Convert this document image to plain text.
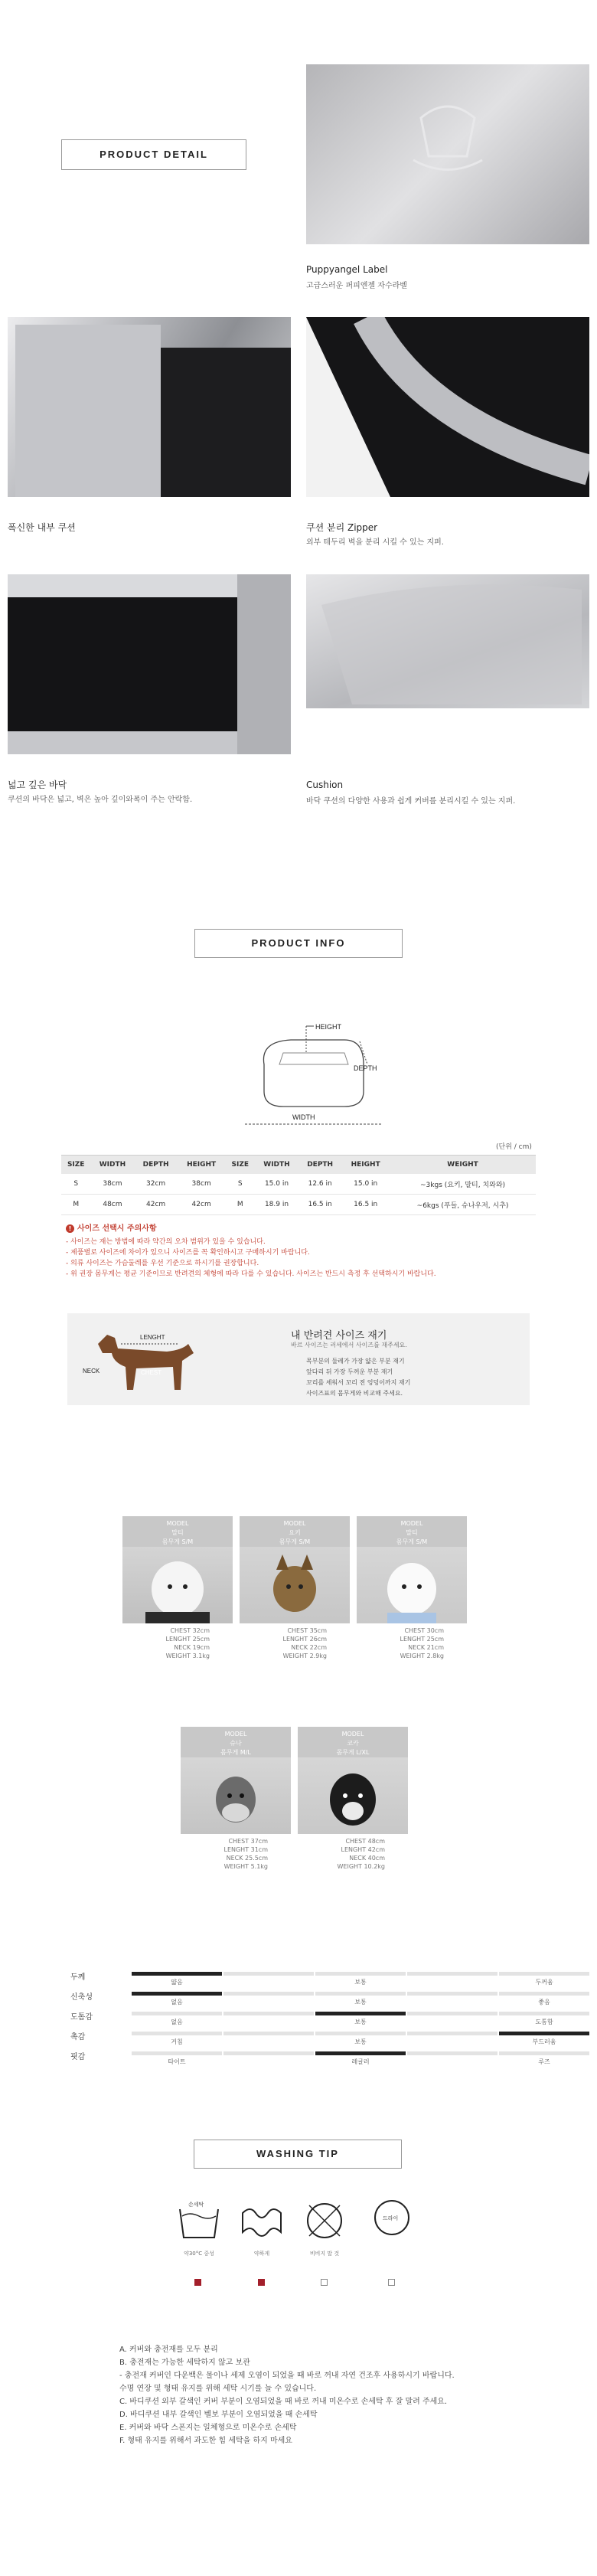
PRODUCT DETAIL
Puppyangel Label
고급스러운 퍼피엔젤 자수라벨
폭신한 내부 쿠션	쿠션 분리 Zipper
외부 테두리 벽을 분리 시킬 수 있는 지퍼.
넓고 깊은 바닥
쿠션의 바닥은 넓고, 벽은 높아 깊이와폭이 주는 안락함.
Cushion
바닥 쿠션의 다양한 사용과 쉽게 커버를 분리시킬 수 있는 지퍼.
PRODUCT INFO
HEIGHT
DEPTH
WIDTH
(단위 / cm)
SIZE	WIDTH	DEPTH	HEIGHT	SIZE	WIDTH	DEPTH	HEIGHT	WEIGHT
S	38cm	32cm	38cm	S	15.0 in	12.6 in	15.0 in	~3kgs (요키, 말티, 치와와)
M	48cm	42cm	42cm	M	18.9 in	16.5 in	16.5 in	~6kgs (푸들, 슈나우저, 시추)
! 사이즈 선택시 주의사항
- 사이즈는 재는 방법에 따라 약간의 오차 범위가 있을 수 있습니다.
- 제품별로 사이즈에 차이가 있으니 사이즈를 꼭 확인하시고 구매하시기 바랍니다.
- 의류 사이즈는 가슴둘레를 우선 기준으로 하시기를 권장합니다.
- 위 권장 몸무게는 평균 기준이므로 반려견의 체형에 따라 다를 수 있습니다. 사이즈는 반드시 측정 후 선택하시기 바랍니다.
LENGHT
NECK	CHEST
내 반려견 사이즈 재기
바르 사이즈는 러세에서 사이즈를 재주세요.
목부분의 둘레가 가장 얇은 부분 재기
앞다리 뒤 가장 두꺼운 부분 재기
꼬리를 세워서 꼬리 전 엉덩이까지 재기
사이즈표의 몸무게와 비교해 주세요.
MODEL
말티
몸무게 S/M
CHEST 32cm
LENGHT 25cm
NECK 19cm
WEIGHT 3.1kg
MODEL
요키
몸무게 S/M
CHEST 35cm
LENGHT 26cm
NECK 22cm
WEIGHT 2.9kg
MODEL
말티
몸무게 S/M
CHEST 30cm
LENGHT 25cm
NECK 21cm
WEIGHT 2.8kg
MODEL
슈나
몸무게 M/L
CHEST 37cm
LENGHT 31cm
NECK 25.5cm
WEIGHT 5.1kg
MODEL
코카
몸무게 L/XL
CHEST 48cm
LENGHT 42cm
NECK 40cm
WEIGHT 10.2kg
두께
얇음	보통	두꺼움
신축성
없음	보통	좋음
도톰감
없음	보통	도톰함
촉감
거침	보통	부드러움
핏감
타이트	레귤러	루즈
WASHING TIP
손세탁
약30°C 중성	약하게	비비지 말 것
드라이
A. 커버와 충전재를 모두 분리
B. 충전재는 가능한 세탁하지 않고 보관
- 충전재 커버인 다운백은 물이나 세제 오염이 되었을 때 바로 꺼내 자연 건조후 사용하시기 바랍니다.
수명 연장 및 형태 유지를 위해 세탁 시기를 늘 수 있습니다.
C. 바디쿠션 외부 갈색인 커버 부분이 오염되었을 때 바로 꺼내 미온수로 손세탁 후 잘 말려 주세요.
D. 바디쿠션 내부 갈색인 벨보 부분이 오염되었을 때 손세탁
E. 커버와 바닥 스폰지는 일체형으로 미온수로 손세탁
F. 형태 유지를 위해서 과도한 힘 세탁을 하지 마세요
